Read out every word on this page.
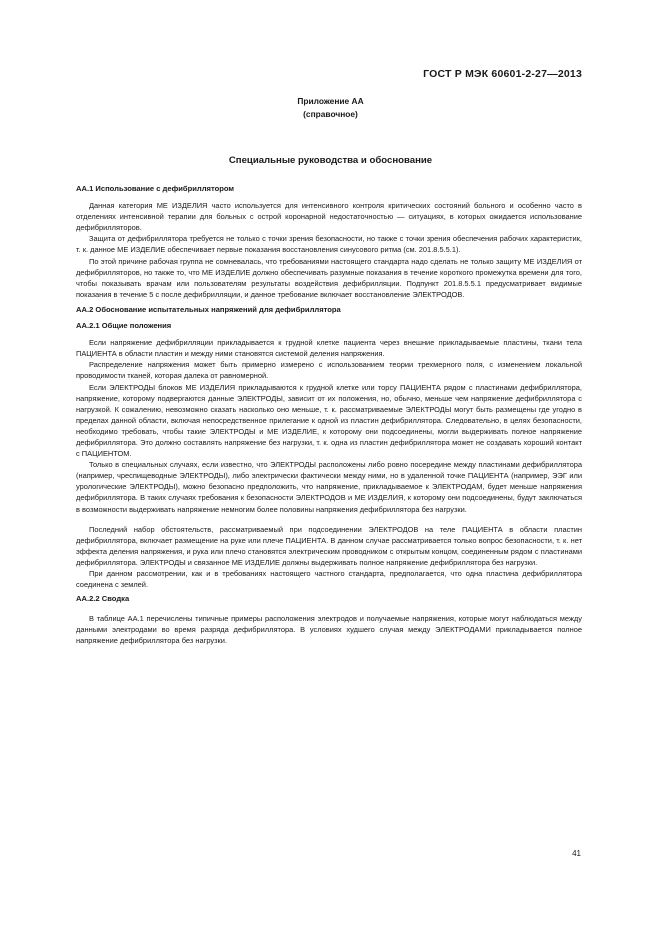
ГОСТ Р МЭК 60601-2-27—2013
Приложение АА
(справочное)
Специальные руководства и обоснование
АА.1 Использование с дефибриллятором

Данная категория МЕ ИЗДЕЛИЯ часто используется для интенсивного контроля критических состояний больного и особенно часто в отделениях интенсивной терапии для больных с острой коронарной недостаточностью — ситуациях, в которых ожидается использование дефибрилляторов.

Защита от дефибриллятора требуется не только с точки зрения безопасности, но также с точки зрения обеспечения рабочих характеристик, т. к. данное МЕ ИЗДЕЛИЕ обеспечивает первые показания восстановления синусового ритма (см. 201.8.5.5.1).

По этой причине рабочая группа не сомневалась, что требованиями настоящего стандарта надо сделать не только защиту МЕ ИЗДЕЛИЯ от дефибрилляторов, но также то, что МЕ ИЗДЕЛИЕ должно обеспечивать разумные показания в течение короткого промежутка времени для того, чтобы показывать врачам или пользователям результаты воздействия дефибрилляции. Подпункт 201.8.5.5.1 предусматривает видимые показания в течение 5 с после дефибрилляции, и данное требование включает восстановление ЭЛЕКТРОДОВ.

АА.2 Обоснование испытательных напряжений для дефибриллятора
АА.2.1 Общие положения

Если напряжение дефибрилляции прикладывается к грудной клетке пациента через внешние прикладываемые пластины, ткани тела ПАЦИЕНТА в области пластин и между ними становятся системой деления напряжения.

Распределение напряжения может быть примерно измерено с использованием теории трехмерного поля, с изменением локальной проводимости тканей, которая далека от равномерной.

Если ЭЛЕКТРОДЫ блоков МЕ ИЗДЕЛИЯ прикладываются к грудной клетке или торсу ПАЦИЕНТА рядом с пластинами дефибриллятора, напряжение, которому подвергаются данные ЭЛЕКТРОДЫ, зависит от их положения, но, обычно, меньше чем напряжение дефибриллятора с нагрузкой. К сожалению, невозможно сказать насколько оно меньше, т. к. рассматриваемые ЭЛЕКТРОДЫ могут быть размещены где угодно в пределах данной области, включая непосредственное прилегание к одной из пластин дефибриллятора. Следовательно, в целях безопасности, необходимо требовать, чтобы такие ЭЛЕКТРОДЫ и МЕ ИЗДЕЛИЕ, к которому они подсоединены, могли выдерживать полное напряжение дефибриллятора. Это должно составлять напряжение без нагрузки, т. к. одна из пластин дефибриллятора может не создавать хороший контакт с ПАЦИЕНТОМ.

Только в специальных случаях, если известно, что ЭЛЕКТРОДЫ расположены либо ровно посередине между пластинами дефибриллятора (например, чреспищеводные ЭЛЕКТРОДЫ), либо электрически фактически между ними, но в удаленной точке ПАЦИЕНТА (например, ЭЭГ или урологические ЭЛЕКТРОДЫ), можно безопасно предположить, что напряжение, прикладываемое к ЭЛЕКТРОДАМ, будет меньше напряжения дефибриллятора. В таких случаях требования к безопасности ЭЛЕКТРОДОВ и МЕ ИЗДЕЛИЯ, к которому они подсоединены, будут заключаться в возможности выдерживать напряжение немногим более половины напряжения дефибриллятора без нагрузки.

Последний набор обстоятельств, рассматриваемый при подсоединении ЭЛЕКТРОДОВ на теле ПАЦИЕНТА в области пластин дефибриллятора, включает размещение на руке или плече ПАЦИЕНТА. В данном случае рассматривается только вопрос безопасности, т. к. нет эффекта деления напряжения, и рука или плечо становятся электрическим проводником с открытым концом, соединенным рядом с пластинами дефибриллятора. ЭЛЕКТРОДЫ и связанное МЕ ИЗДЕЛИЕ должны выдерживать полное напряжение дефибриллятора без нагрузки.

При данном рассмотрении, как и в требованиях настоящего частного стандарта, предполагается, что одна пластина дефибриллятора соединена с землей.

АА.2.2 Сводка

В таблице АА.1 перечислены типичные примеры расположения электродов и получаемые напряжения, которые могут наблюдаться между данными электродами во время разряда дефибриллятора. В условиях худшего случая между ЭЛЕКТРОДАМИ прикладывается полное напряжение дефибриллятора без нагрузки.

41
